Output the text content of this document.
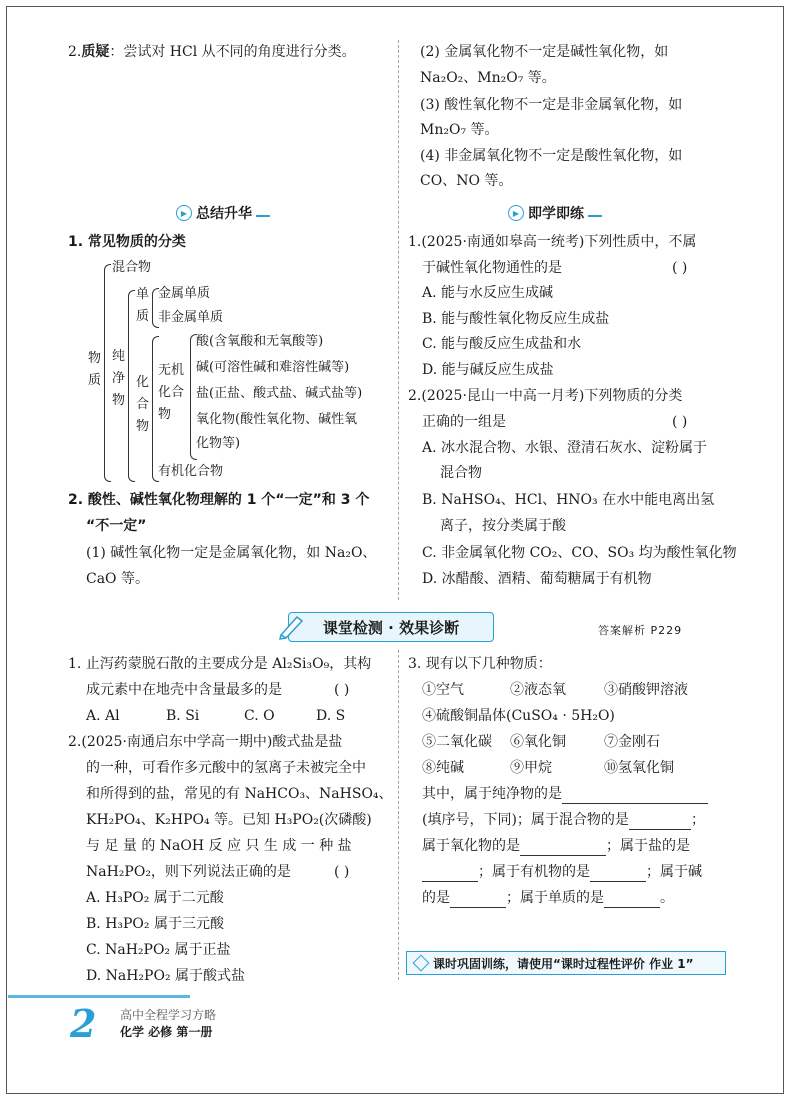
2.质疑：尝试对 HCl 从不同的角度进行分类。	(2) 金属氧化物不一定是碱性氧化物，如
Na₂O₂、Mn₂O₇ 等。
(3) 酸性氧化物不一定是非金属氧化物，如
Mn₂O₇ 等。
(4) 非金属氧化物不一定是酸性氧化物，如
CO、NO 等。
▶ 总结升华
1. 常见物质的分类
物质
混合物
纯净物
单质
金属单质
非金属单质
化合物
无机化合物
酸(含氧酸和无氧酸等)
碱(可溶性碱和难溶性碱等)
盐(正盐、酸式盐、碱式盐等)
氧化物(酸性氧化物、碱性氧
化物等)
有机化合物
2. 酸性、碱性氧化物理解的 1 个“一定”和 3 个
“不一定”
(1) 碱性氧化物一定是金属氧化物，如 Na₂O、
CaO 等。
▶ 即学即练
1.(2025·南通如皋高一统考)下列性质中，不属
于碱性氧化物通性的是	( )
A. 能与水反应生成碱
B. 能与酸性氧化物反应生成盐
C. 能与酸反应生成盐和水
D. 能与碱反应生成盐
2.(2025·昆山一中高一月考)下列物质的分类
正确的一组是	( )
A. 冰水混合物、水银、澄清石灰水、淀粉属于
混合物
B. NaHSO₄、HCl、HNO₃ 在水中能电离出氢
离子，按分类属于酸
C. 非金属氧化物 CO₂、CO、SO₃ 均为酸性氧化物
D. 冰醋酸、酒精、葡萄糖属于有机物
课堂检测 · 效果诊断	答案解析 P229
1. 止泻药蒙脱石散的主要成分是 Al₂Si₃O₉，其构
成元素中在地壳中含量最多的是	( )
A. Al	B. Si	C. O	D. S
2.(2025·南通启东中学高一期中)酸式盐是盐
的一种，可看作多元酸中的氢离子未被完全中
和所得到的盐，常见的有 NaHCO₃、NaHSO₄、
KH₂PO₄、K₂HPO₄ 等。已知 H₃PO₂(次磷酸)
与 足 量 的 NaOH 反 应 只 生 成 一 种 盐
NaH₂PO₂，则下列说法正确的是	( )
A. H₃PO₂ 属于二元酸
B. H₃PO₂ 属于三元酸
C. NaH₂PO₂ 属于正盐
D. NaH₂PO₂ 属于酸式盐
3. 现有以下几种物质：
①空气	②液态氧	③硝酸钾溶液
④硫酸铜晶体(CuSO₄ · 5H₂O)
⑤二氧化碳 ⑥氧化铜	⑦金刚石
⑧纯碱	⑨甲烷	⑩氢氧化铜
其中，属于纯净物的是
(填序号，下同)；属于混合物的是	；
属于氧化物的是	；属于盐的是
；属于有机物的是	；属于碱
的是	；属于单质的是	。
课时巩固训练，请使用“课时过程性评价 作业 1”
2 高中全程学习方略
化学 必修 第一册
